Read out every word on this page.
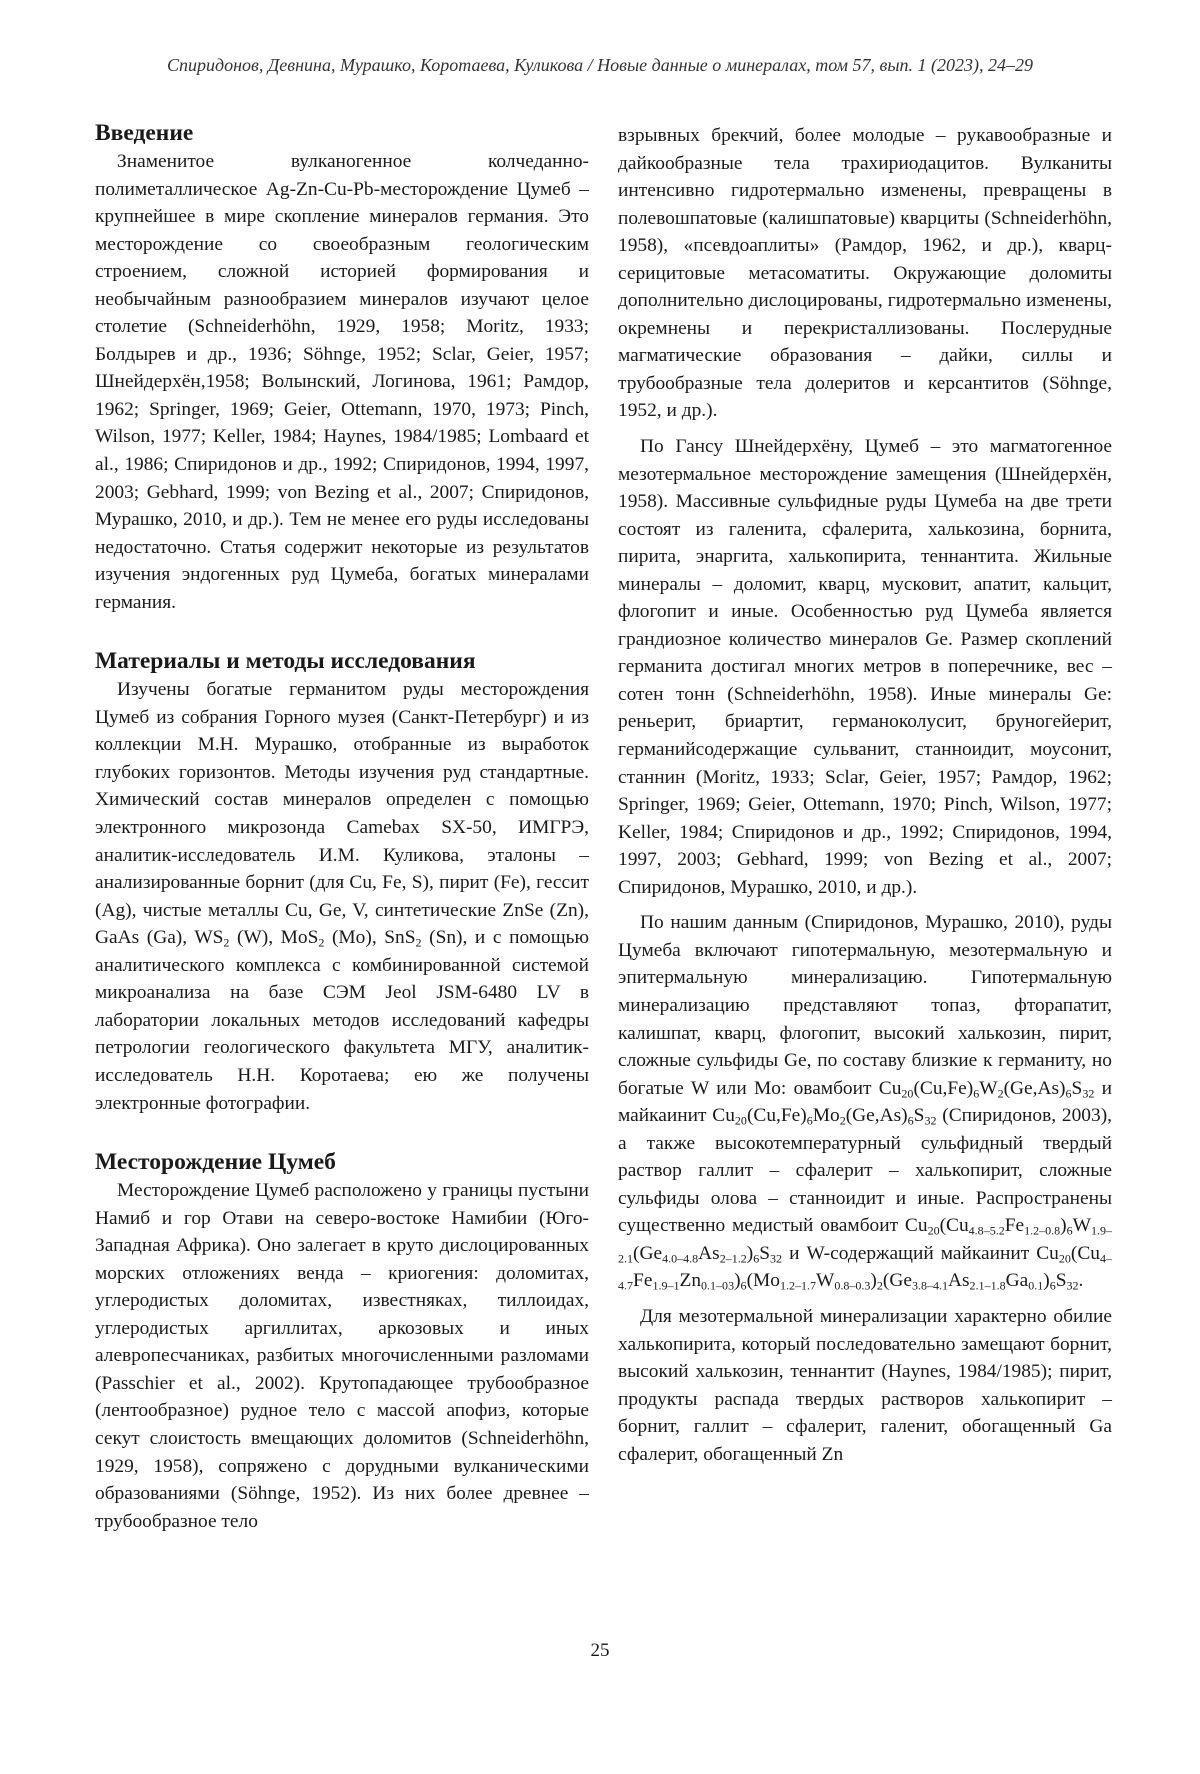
Спиридонов, Девнина, Мурашко, Коротаева, Куликова / Новые данные о минералах, том 57, вып. 1 (2023), 24–29
Введение

Знаменитое вулканогенное колчеданно-полиметаллическое Ag-Zn-Cu-Pb-месторождение Цумеб – крупнейшее в мире скопление минералов германия. Это месторождение со своеобразным геологическим строением, сложной историей формирования и необычайным разнообразием минералов изучают целое столетие (Schneiderhöhn, 1929, 1958; Moritz, 1933; Болдырев и др., 1936; Söhnge, 1952; Sclar, Geier, 1957; Шнейдерхён,1958; Волынский, Логинова, 1961; Рамдор, 1962; Springer, 1969; Geier, Ottemann, 1970, 1973; Pinch, Wilson, 1977; Keller, 1984; Haynes, 1984/1985; Lombaard et al., 1986; Спиридонов и др., 1992; Спиридонов, 1994, 1997, 2003; Gebhard, 1999; von Bezing et al., 2007; Спиридонов, Мурашко, 2010, и др.). Тем не менее его руды исследованы недостаточно. Статья содержит некоторые из результатов изучения эндогенных руд Цумеба, богатых минералами германия.

Материалы и методы исследования

Изучены богатые германитом руды месторождения Цумеб из собрания Горного музея (Санкт-Петербург) и из коллекции М.Н. Мурашко, отобранные из выработок глубоких горизонтов. Методы изучения руд стандартные. Химический состав минералов определен с помощью электронного микрозонда Camebax SX-50, ИМГРЭ, аналитик-исследователь И.М. Куликова, эталоны – анализированные борнит (для Cu, Fe, S), пирит (Fe), гессит (Ag), чистые металлы Cu, Ge, V, синтетические ZnSe (Zn), GaAs (Ga), $WS_2$ (W), MoS$_2$ (Mo), SnS$_2$ (Sn), и с помощью аналитического комплекса с комбинированной системой микроанализа на базе СЭМ Jeol JSM-6480 LV в лаборатории локальных методов исследований кафедры петрологии геологического факультета МГУ, аналитик-исследователь Н.Н. Коротаева; ею же получены электронные фотографии.

Месторождение Цумеб

Месторождение Цумеб расположено у границы пустыни Намиб и гор Отави на северо-востоке Намибии (Юго-Западная Африка). Оно залегает в круто дислоцированных морских отложениях венда – криогения: доломитах, углеродистых доломитах, известняках, тиллоидах, углеродистых аргиллитах, аркозовых и иных алевропесчаниках, разбитых многочисленными разломами (Passchier et al., 2002). Крутопадающее трубообразное (лентообразное) рудное тело с массой апофиз, которые секут слоистость вмещающих доломитов (Schneiderhöhn, 1929, 1958), сопряжено с дорудными вулканическими образованиями (Söhnge, 1952). Из них более древнее – трубообразное тело

взрывных брекчий, более молодые – рукавообразные и дайкообразные тела трахириодацитов. Вулканиты интенсивно гидротермально изменены, превращены в полевошпатовые (калишпатовые) кварциты (Schneiderhöhn, 1958), «псевдоаплиты» (Рамдор, 1962, и др.), кварц-серицитовые метасоматиты. Окружающие доломиты дополнительно дислоцированы, гидротермально изменены, окремнены и перекристаллизованы. Послерудные магматические образования – дайки, силлы и трубообразные тела долеритов и керсантитов (Söhnge, 1952, и др.).

По Гансу Шнейдерхёну, Цумеб – это магматогенное мезотермальное месторождение замещения (Шнейдерхён, 1958). Массивные сульфидные руды Цумеба на две трети состоят из галенита, сфалерита, халькозина, борнита, пирита, энаргита, халькопирита, теннантита. Жильные минералы – доломит, кварц, мусковит, апатит, кальцит, флогопит и иные. Особенностью руд Цумеба является грандиозное количество минералов Ge. Размер скоплений германита достигал многих метров в поперечнике, вес – сотен тонн (Schneiderhöhn, 1958). Иные минералы Ge: реньерит, бриартит, германоколусит, бруногейерит, германийсодержащие сульванит, станноидит, моусонит, станнин (Moritz, 1933; Sclar, Geier, 1957; Рамдор, 1962; Springer, 1969; Geier, Ottemann, 1970; Pinch, Wilson, 1977; Keller, 1984; Спиридонов и др., 1992; Спиридонов, 1994, 1997, 2003; Gebhard, 1999; von Bezing et al., 2007; Спиридонов, Мурашко, 2010, и др.).

По нашим данным (Спиридонов, Мурашко, 2010), руды Цумеба включают гипотермальную, мезотермальную и эпитермальную минерализацию. Гипотермальную минерализацию представляют топаз, фторапатит, калишпат, кварц, флогопит, высокий халькозин, пирит, сложные сульфиды Ge, по составу близкие к германиту, но богатые W или Mo: овамбоит $Cu_{20}(Cu,Fe)_6W_2(Ge,As)_6S_{32}$ и майкаинит $Cu_{20}(Cu,Fe)_6Mo_2(Ge,As)_6S_{32}$ (Спиридонов, 2003), а также высокотемпературный сульфидный твердый раствор галлит – сфалерит – халькопирит, сложные сульфиды олова – станноидит и иные. Распространены существенно медистый овамбоит $Cu_{20}(Cu_{4.8-5.2}Fe_{1.2-0.8})_6W_{1.9-2.1}(Ge_{4.0-4.8}As_{2-1.2})_6S_{32}$ и W-содержащий майкаинит $Cu_{20}(Cu_{4-4.7}Fe_{1.9-1}Zn_{0.1-03})_6(Mo_{1.2-1.7}W_{0.8-0.3})_2(Ge_{3.8-4.1}As_{2.1-1.8}Ga_{0.1})_6S_{32}$.

Для мезотермальной минерализации характерно обилие халькопирита, который последовательно замещают борнит, высокий халькозин, теннантит (Haynes, 1984/1985); пирит, продукты распада твердых растворов халькопирит – борнит, галлит – сфалерит, галенит, обогащенный Ga сфалерит, обогащенный Zn

25
